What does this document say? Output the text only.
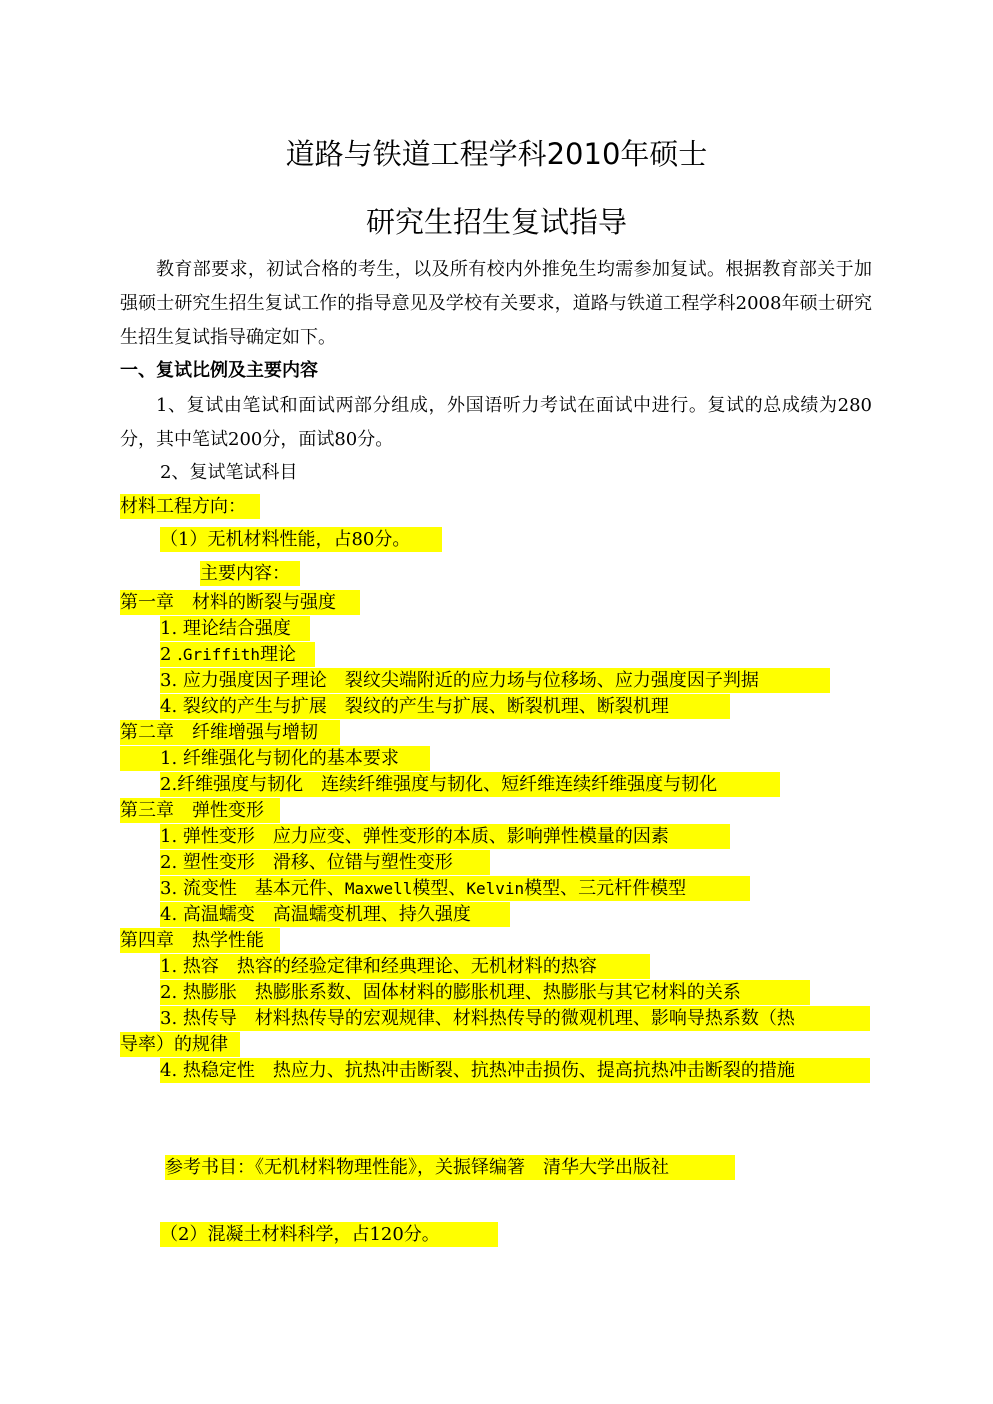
道路与铁道工程学科2010年硕士
研究生招生复试指导

教育部要求，初试合格的考生，以及所有校内外推免生均需参加复试。根据教育部关于加强硕士研究生招生复试工作的指导意见及学校有关要求，道路与铁道工程学科2008年硕士研究生招生复试指导确定如下。

一、复试比例及主要内容

1、复试由笔试和面试两部分组成，外国语听力考试在面试中进行。复试的总成绩为280分，其中笔试200分，面试80分。

2、复试笔试科目
材料工程方向：
（1）无机材料性能，占80分。
主要内容：
第一章　材料的断裂与强度
1. 理论结合强度
2 .Griffith理论
3. 应力强度因子理论　裂纹尖端附近的应力场与位移场、应力强度因子判据
4. 裂纹的产生与扩展　裂纹的产生与扩展、断裂机理、断裂机理
第二章　纤维增强与增韧
1. 纤维强化与韧化的基本要求
2.纤维强度与韧化　连续纤维强度与韧化、短纤维连续纤维强度与韧化
第三章　弹性变形
1. 弹性变形　应力应变、弹性变形的本质、影响弹性模量的因素
2. 塑性变形　滑移、位错与塑性变形
3. 流变性　基本元件、Maxwell模型、Kelvin模型、三元杆件模型
4. 高温蠕变　高温蠕变机理、持久强度
第四章　热学性能
1. 热容　热容的经验定律和经典理论、无机材料的热容
2. 热膨胀　热膨胀系数、固体材料的膨胀机理、热膨胀与其它材料的关系
3. 热传导　材料热传导的宏观规律、材料热传导的微观机理、影响导热系数（热
导率）的规律
4. 热稳定性　热应力、抗热冲击断裂、抗热冲击损伤、提高抗热冲击断裂的措施
参考书目：《无机材料物理性能》，关振铎编箸　清华大学出版社
（2）混凝土材料科学，占120分。
